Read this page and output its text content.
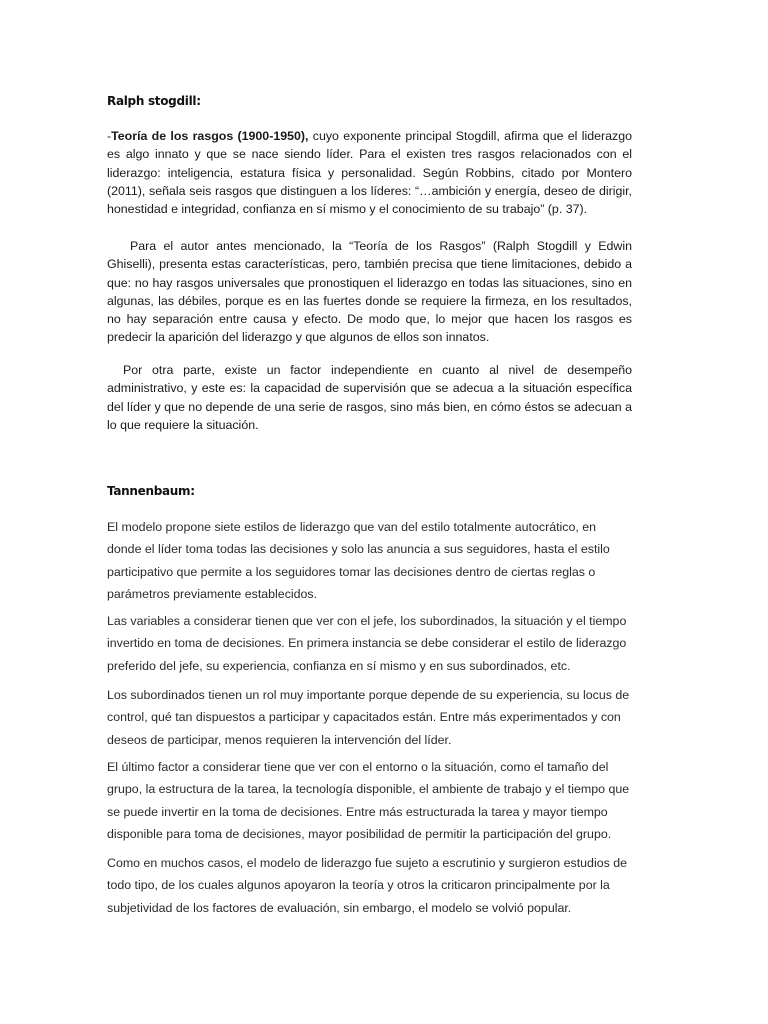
Ralph stogdill:

-Teoría de los rasgos (1900-1950), cuyo exponente principal Stogdill, afirma que el liderazgo es algo innato y que se nace siendo líder. Para el existen tres rasgos relacionados con el liderazgo: inteligencia, estatura física y personalidad. Según Robbins, citado por Montero (2011), señala seis rasgos que distinguen a los líderes: “…ambición y energía, deseo de dirigir, honestidad e integridad, confianza en sí mismo y el conocimiento de su trabajo” (p. 37).

Para el autor antes mencionado, la “Teoría de los Rasgos” (Ralph Stogdill y Edwin Ghiselli), presenta estas características, pero, también precisa que tiene limitaciones, debido a que: no hay rasgos universales que pronostiquen el liderazgo en todas las situaciones, sino en algunas, las débiles, porque es en las fuertes donde se requiere la firmeza, en los resultados, no hay separación entre causa y efecto. De modo que, lo mejor que hacen los rasgos es predecir la aparición del liderazgo y que algunos de ellos son innatos.

Por otra parte, existe un factor independiente en cuanto al nivel de desempeño administrativo, y este es: la capacidad de supervisión que se adecua a la situación específica del líder y que no depende de una serie de rasgos, sino más bien, en cómo éstos se adecuan a lo que requiere la situación.

Tannenbaum:

El modelo propone siete estilos de liderazgo que van del estilo totalmente autocrático, en donde el líder toma todas las decisiones y solo las anuncia a sus seguidores, hasta el estilo participativo que permite a los seguidores tomar las decisiones dentro de ciertas reglas o parámetros previamente establecidos.

Las variables a considerar tienen que ver con el jefe, los subordinados, la situación y el tiempo invertido en toma de decisiones. En primera instancia se debe considerar el estilo de liderazgo preferido del jefe, su experiencia, confianza en sí mismo y en sus subordinados, etc.

Los subordinados tienen un rol muy importante porque depende de su experiencia, su locus de control, qué tan dispuestos a participar y capacitados están. Entre más experimentados y con deseos de participar, menos requieren la intervención del líder.

El último factor a considerar tiene que ver con el entorno o la situación, como el tamaño del grupo, la estructura de la tarea, la tecnología disponible, el ambiente de trabajo y el tiempo que se puede invertir en la toma de decisiones. Entre más estructurada la tarea y mayor tiempo disponible para toma de decisiones, mayor posibilidad de permitir la participación del grupo.

Como en muchos casos, el modelo de liderazgo fue sujeto a escrutinio y surgieron estudios de todo tipo, de los cuales algunos apoyaron la teoría y otros la criticaron principalmente por la subjetividad de los factores de evaluación, sin embargo, el modelo se volvió popular.
